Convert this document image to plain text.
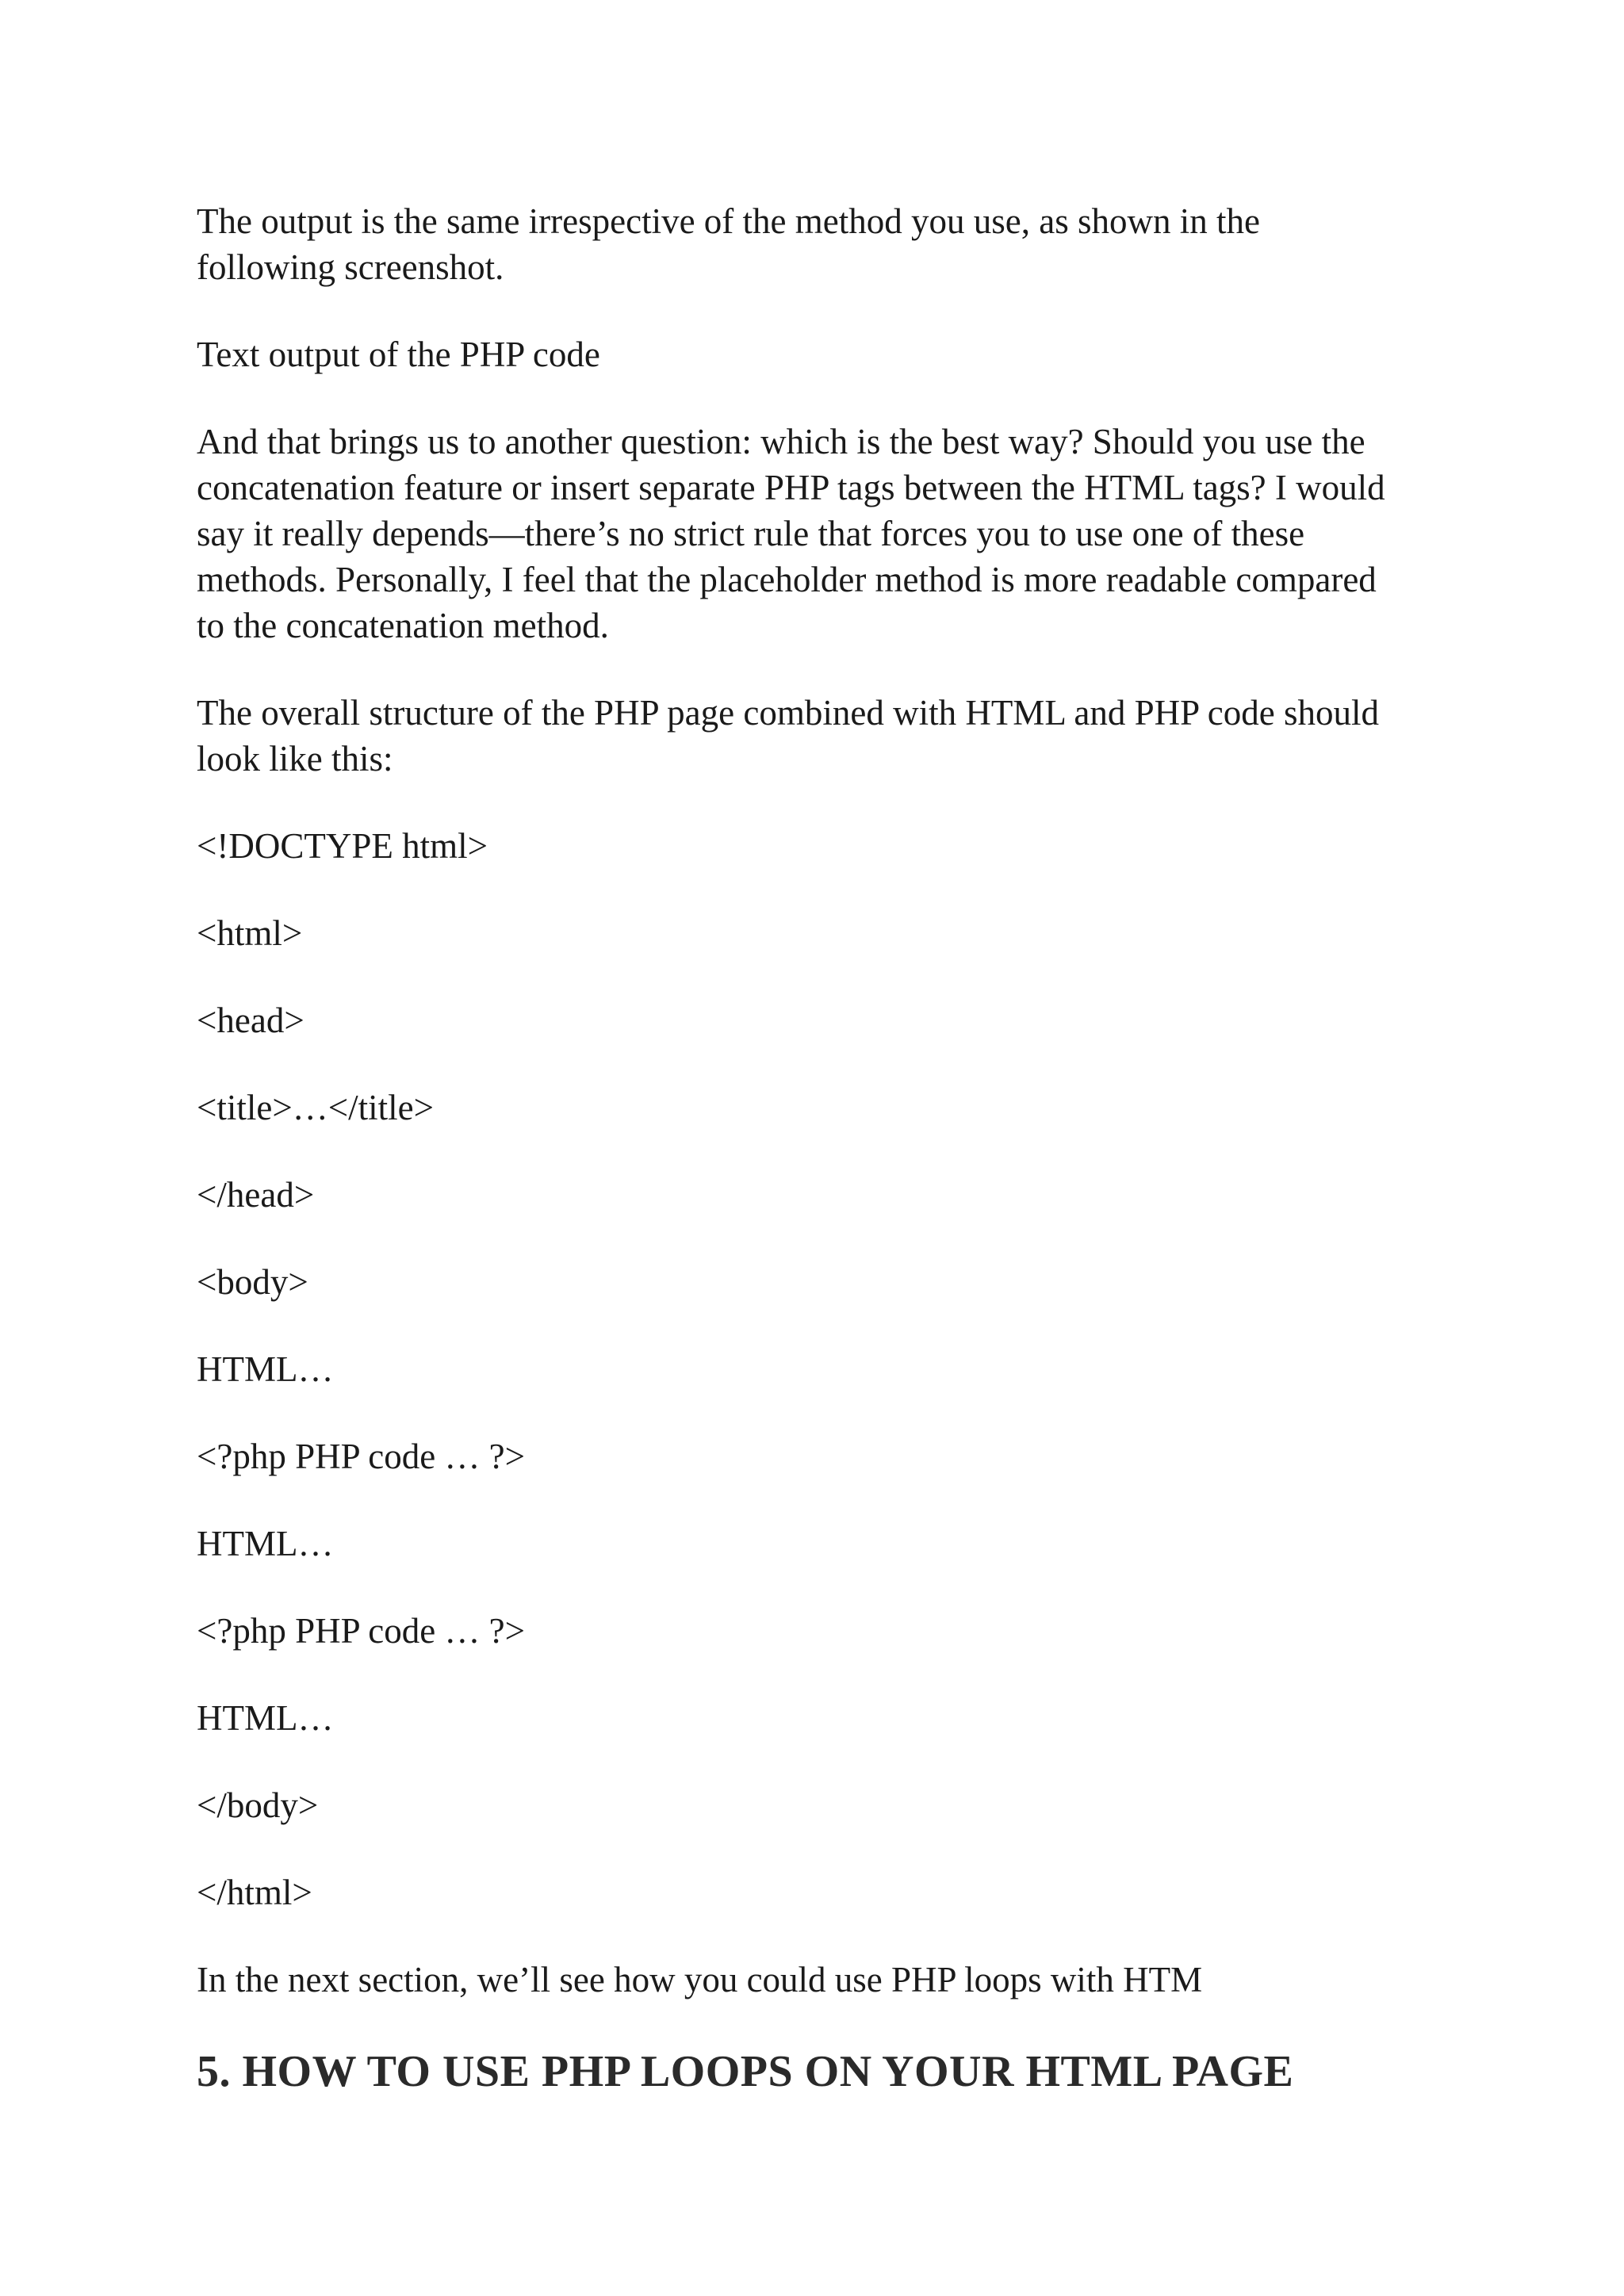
The output is the same irrespective of the method you use, as shown in the
following screenshot.

Text output of the PHP code

And that brings us to another question: which is the best way? Should you use the
concatenation feature or insert separate PHP tags between the HTML tags? I would
say it really depends—there’s no strict rule that forces you to use one of these
methods. Personally, I feel that the placeholder method is more readable compared
to the concatenation method.

The overall structure of the PHP page combined with HTML and PHP code should
look like this:

<!DOCTYPE html>

<html>

<head>

<title>…</title>

</head>

<body>

HTML…

<?php PHP code … ?>

HTML…

<?php PHP code … ?>

HTML…

</body>

</html>

In the next section, we’ll see how you could use PHP loops with HTM

5. HOW TO USE PHP LOOPS ON YOUR HTML PAGE
